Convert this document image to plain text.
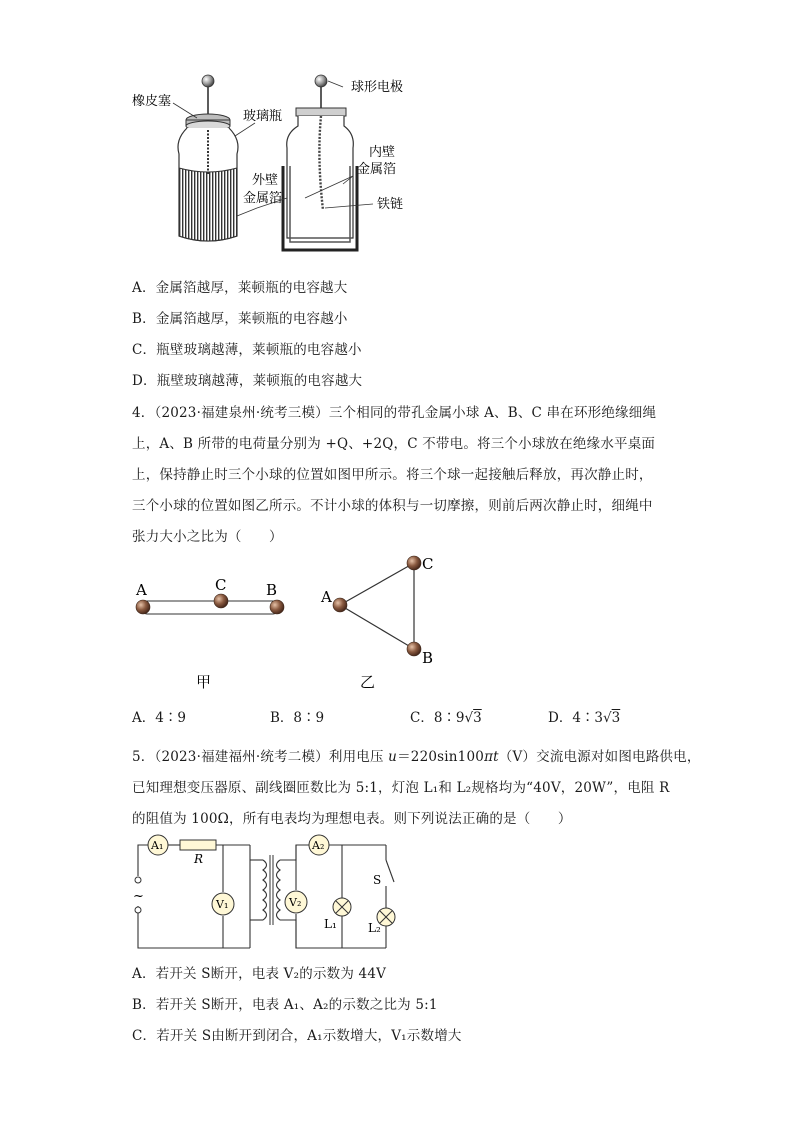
橡皮塞
玻璃瓶
球形电极
内壁
金属箔
外壁
金属箔	铁链
A．金属箔越厚，莱顿瓶的电容越大
B．金属箔越厚，莱顿瓶的电容越小
C．瓶壁玻璃越薄，莱顿瓶的电容越小
D．瓶壁玻璃越薄，莱顿瓶的电容越大
4．（2023·福建泉州·统考三模）三个相同的带孔金属小球 A、B、C 串在环形绝缘细绳
上，A、B 所带的电荷量分别为 +Q、+2Q，C 不带电。将三个小球放在绝缘水平桌面
上，保持静止时三个小球的位置如图甲所示。将三个球一起接触后释放，再次静止时，
三个小球的位置如图乙所示。不计小球的体积与一切摩擦，则前后两次静止时，细绳中
张力大小之比为（　　）
A	C	B
甲
A
C
B
乙
A．4∶9	B．8∶9	C．8∶9√3	D．4∶3√3
5．（2023·福建福州·统考二模）利用电压 u＝220sin100πt（V）交流电源对如图电路供电，
已知理想变压器原、副线圈匝数比为 5:1，灯泡 L₁和 L₂规格均为“40V，20W”，电阻 R
的阻值为 100Ω，所有电表均为理想电表。则下列说法正确的是（　　）
~
A₁
R
V₁
A₂
V₂
L₁
S
L₂
A．若开关 S断开，电表 V₂的示数为 44V
B．若开关 S断开，电表 A₁、A₂的示数之比为 5:1
C．若开关 S由断开到闭合，A₁示数增大，V₁示数增大
